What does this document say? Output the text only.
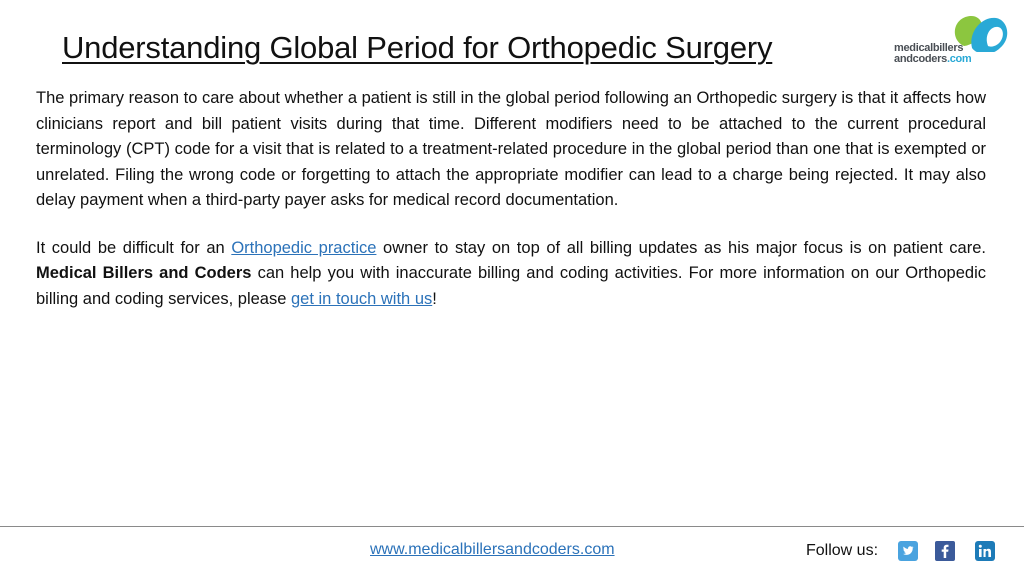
Understanding Global Period for Orthopedic Surgery	medicalbillers
andcoders.com

The primary reason to care about whether a patient is still in the global period following an Orthopedic surgery is that it affects how clinicians report and bill patient visits during that time. Different modifiers need to be attached to the current procedural terminology (CPT) code for a visit that is related to a treatment-related procedure in the global period than one that is exempted or unrelated. Filing the wrong code or forgetting to attach the appropriate modifier can lead to a charge being rejected. It may also delay payment when a third-party payer asks for medical record documentation.

It could be difficult for an Orthopedic practice owner to stay on top of all billing updates as his major focus is on patient care. Medical Billers and Coders can help you with inaccurate billing and coding activities. For more information on our Orthopedic billing and coding services, please get in touch with us!

www.medicalbillersandcoders.com	Follow us:
